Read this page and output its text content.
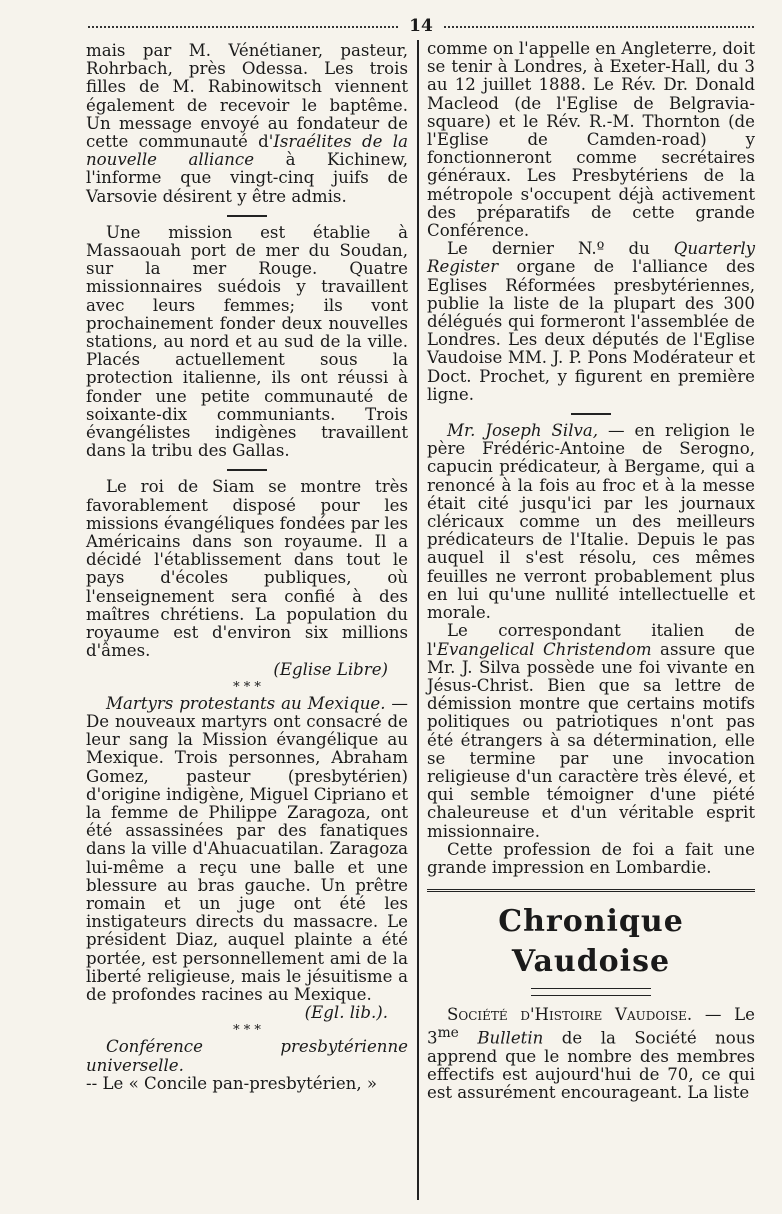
14

mais par M. Vénétianer, pasteur, Rohrbach, près Odessa. Les trois filles de M. Rabinowitsch viennent également de recevoir le baptême. Un message envoyé au fondateur de cette communauté d'Israélites de la nouvelle alliance à Kichinew, l'informe que vingt-cinq juifs de Varsovie désirent y être admis.

Une mission est établie à Massaouah port de mer du Soudan, sur la mer Rouge. Quatre missionnaires suédois y travaillent avec leurs femmes; ils vont prochainement fonder deux nouvelles stations, au nord et au sud de la ville. Placés actuellement sous la protection italienne, ils ont réussi à fonder une petite communauté de soixante-dix communiants. Trois évangélistes indigènes travaillent dans la tribu des Gallas.

Le roi de Siam se montre très favorablement disposé pour les missions évangéliques fondées par les Américains dans son royaume. Il a décidé l'établissement dans tout le pays d'écoles publiques, où l'enseignement sera confié à des maîtres chrétiens. La population du royaume est d'environ six millions d'âmes.

(Eglise Libre)

* * *

Martyrs protestants au Mexique. — De nouveaux martyrs ont consacré de leur sang la Mission évangélique au Mexique. Trois personnes, Abraham Gomez, pasteur (presbytérien) d'origine indigène, Miguel Cipriano et la femme de Philippe Zaragoza, ont été assassinées par des fanatiques dans la ville d'Ahuacuatilan. Zaragoza lui-même a reçu une balle et une blessure au bras gauche. Un prêtre romain et un juge ont été les instigateurs directs du massacre. Le président Diaz, auquel plainte a été portée, est personnellement ami de la liberté religieuse, mais le jésuitisme a de profondes racines au Mexique.

(Egl. lib.).

* * *

Conférence presbytérienne universelle.

-- Le « Concile pan-presbytérien, »

comme on l'appelle en Angleterre, doit se tenir à Londres, à Exeter-Hall, du 3 au 12 juillet 1888. Le Rév. Dr. Donald Macleod (de l'Eglise de Belgravia-square) et le Rév. R.-M. Thornton (de l'Eglise de Camden-road) y fonctionneront comme secrétaires généraux. Les Presbytériens de la métropole s'occupent déjà activement des préparatifs de cette grande Conférence.

Le dernier N.º du Quarterly Register organe de l'alliance des Eglises Réformées presbytériennes, publie la liste de la plupart des 300 délégués qui formeront l'assemblée de Londres. Les deux députés de l'Eglise Vaudoise MM. J. P. Pons Modérateur et Doct. Prochet, y figurent en première ligne.

Mr. Joseph Silva, — en religion le père Frédéric-Antoine de Serogno, capucin prédicateur, à Bergame, qui a renoncé à la fois au froc et à la messe était cité jusqu'ici par les journaux cléricaux comme un des meilleurs prédicateurs de l'Italie. Depuis le pas auquel il s'est résolu, ces mêmes feuilles ne verront probablement plus en lui qu'une nullité intellectuelle et morale.

Le correspondant italien de l'Evangelical Christendom assure que Mr. J. Silva possède une foi vivante en Jésus-Christ. Bien que sa lettre de démission montre que certains motifs politiques ou patriotiques n'ont pas été étrangers à sa détermination, elle se termine par une invocation religieuse d'un caractère très élevé, et qui semble témoigner d'une piété chaleureuse et d'un véritable esprit missionnaire.

Cette profession de foi a fait une grande impression en Lombardie.

Chronique Vaudoise

Société d'Histoire Vaudoise. — Le $3^{me}$ Bulletin de la Société nous apprend que le nombre des membres effectifs est aujourd'hui de 70, ce qui est assurément encourageant. La liste
